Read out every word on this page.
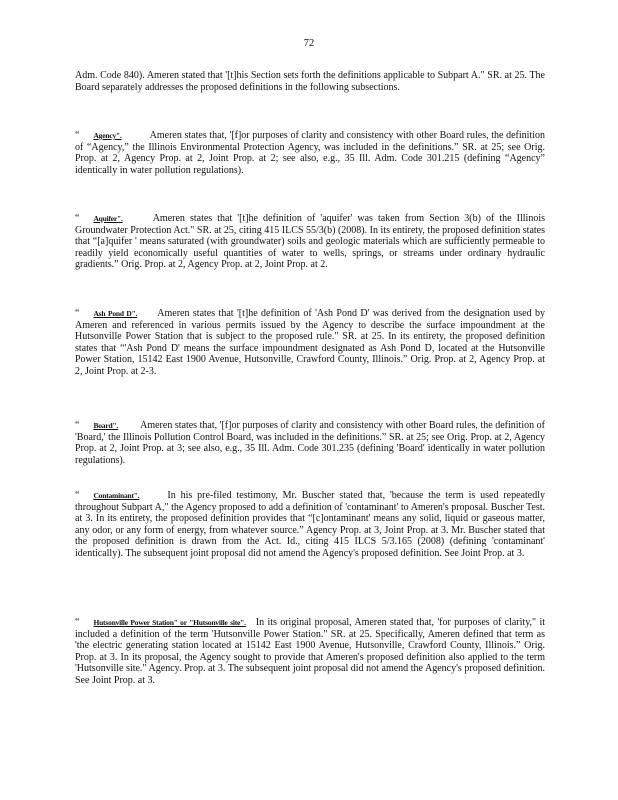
72

Adm. Code 840). Ameren stated that '[t]his Section sets forth the definitions applicable to Subpart A." SR. at 25. The Board separately addresses the proposed definitions in the following subsections.

“ Agency".	Ameren states that, '[f]or purposes of clarity and consistency with other Board rules, the definition of “Agency,” the Illinois Environmental Protection Agency, was included in the definitions.” SR. at 25; see Orig. Prop. at 2, Agency Prop. at 2, Joint Prop. at 2; see also, e.g., 35 Ill. Adm. Code 301.215 (defining “Agency” identically in water pollution regulations).

“ Aquifer".	Ameren states that '[t]he definition of 'aquifer' was taken from Section 3(b) of the Illinois Groundwater Protection Act." SR. at 25, citing 415 ILCS 55/3(b) (2008). In its entirety, the proposed definition states that “[a]quifer ' means saturated (with groundwater) soils and geologic materials which are sufficiently permeable to readily yield economically useful quantities of water to wells, springs, or streams under ordinary hydraulic gradients.” Orig. Prop. at 2, Agency Prop. at 2, Joint Prop. at 2.

“ Ash Pond D". Ameren states that '[t]he definition of 'Ash Pond D' was derived from the designation used by Ameren and referenced in various permits issued by the Agency to describe the surface impoundment at the Hutsonville Power Station that is subject to the proposed rule." SR. at 25. In its entirety, the proposed definition states that “'Ash Pond D' means the surface impoundment designated as Ash Pond D, located at the Hutsonville Power Station, 15142 East 1900 Avenue, Hutsonville, Crawford County, Illinois.” Orig. Prop. at 2, Agency Prop. at 2, Joint Prop. at 2-3.

“ Board". Ameren states that, '[f]or purposes of clarity and consistency with other Board rules, the definition of 'Board,' the Illinois Pollution Control Board, was included in the definitions.” SR. at 25; see Orig. Prop. at 2, Agency Prop. at 2, Joint Prop. at 3; see also, e.g., 35 Ill. Adm. Code 301.235 (defining 'Board' identically in water pollution regulations).

“ Contaminant".	In his pre-filed testimony, Mr. Buscher stated that, 'because the term is used repeatedly throughout Subpart A," the Agency proposed to add a definition of 'contaminant' to Ameren's proposal. Buscher Test. at 3. In its entirety, the proposed definition provides that “[c]ontaminant' means any solid, liquid or gaseous matter, any odor, or any form of energy, from whatever source.” Agency Prop. at 3, Joint Prop. at 3. Mr. Buscher stated that the proposed definition is drawn from the Act. Id., citing 415 ILCS 5/3.165 (2008) (defining 'contaminant' identically). The subsequent joint proposal did not amend the Agency's proposed definition. See Joint Prop. at 3.

“ Hutsonville Power Station" or "Hutsonville site". In its original proposal, Ameren stated that, 'for purposes of clarity," it included a definition of the term 'Hutsonville Power Station." SR. at 25. Specifically, Ameren defined that term as 'the electric generating station located at 15142 East 1900 Avenue, Hutsonville, Crawford County, Illinois.” Orig. Prop. at 3. In its proposal, the Agency sought to provide that Ameren's proposed definition also applied to the term 'Hutsonville site." Agency. Prop. at 3. The subsequent joint proposal did not amend the Agency's proposed definition. See Joint Prop. at 3.
